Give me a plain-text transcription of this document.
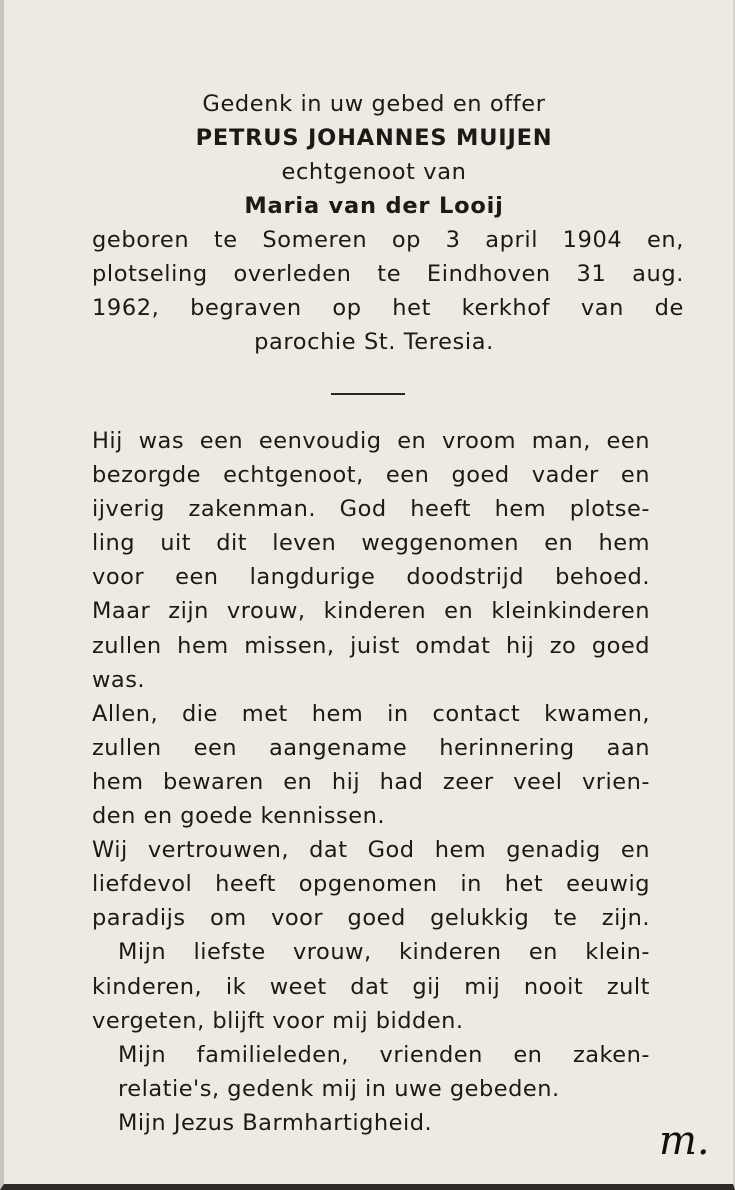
Gedenk in uw gebed en offer
PETRUS JOHANNES MUIJEN
echtgenoot van
Maria van der Looij
geboren te Someren op 3 april 1904 en,
plotseling overleden te Eindhoven 31 aug.
1962, begraven op het kerkhof van de
parochie St. Teresia.
Hij was een eenvoudig en vroom man, een
bezorgde echtgenoot, een goed vader en
ijverig zakenman. God heeft hem plotse-
ling uit dit leven weggenomen en hem
voor een langdurige doodstrijd behoed.
Maar zijn vrouw, kinderen en kleinkinderen
zullen hem missen, juist omdat hij zo goed
was.
Allen, die met hem in contact kwamen,
zullen een aangename herinnering aan
hem bewaren en hij had zeer veel vrien-
den en goede kennissen.
Wij vertrouwen, dat God hem genadig en
liefdevol heeft opgenomen in het eeuwig
paradijs om voor goed gelukkig te zijn.
Mijn liefste vrouw, kinderen en klein-
kinderen, ik weet dat gij mij nooit zult
vergeten, blijft voor mij bidden.
Mijn familieleden, vrienden en zaken-
relatie's, gedenk mij in uwe gebeden.
Mijn Jezus Barmhartigheid.	m.
